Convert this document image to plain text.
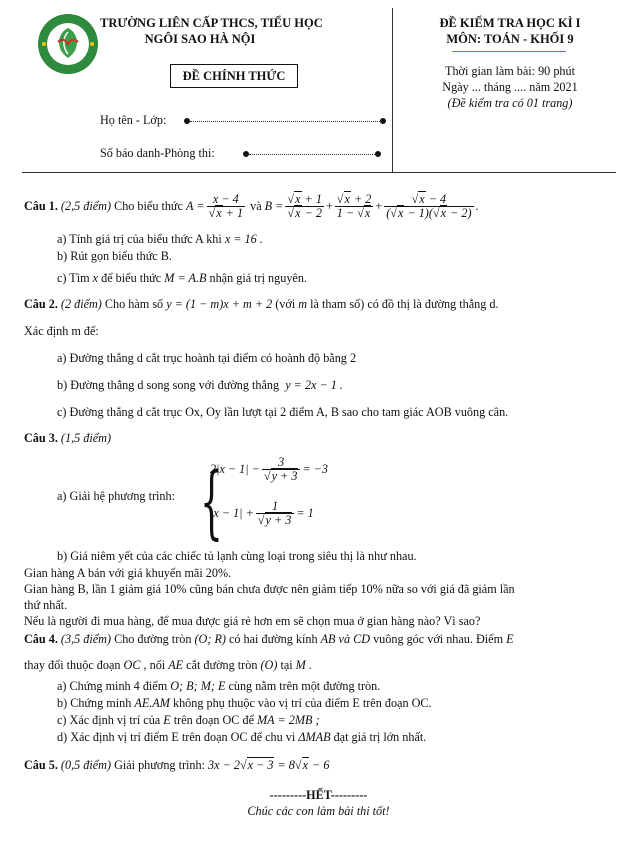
TRƯỜNG LIÊN CẤP THCS, TIỂU HỌC
NGÔI SAO HÀ NỘI
ĐỀ CHÍNH THỨC
ĐỀ KIỂM TRA HỌC KÌ I
MÔN: TOÁN - KHỐI 9
Thời gian làm bài: 90 phút
Ngày ... tháng .... năm 2021
(Đề kiểm tra có 01 trang)
Họ tên - Lớp:
Số báo danh-Phòng thi:
Câu 1.
(2,5 điểm)
Cho biểu thức
$A = \frac{x - 4}{√x + 1}$
và
$B = \frac{√x + 1}{√x - 2} + \frac{√x + 2}{1 - √x} + \frac{√x - 4}{(√x - 1)(√x - 2)}$ .
a) Tính giá trị của biểu thức A khi x = 16 .
b) Rút gọn biểu thức B.
c) Tìm x để biểu thức M = A.B nhận giá trị nguyên.
Câu 2. (2 điểm) Cho hàm số y = (1 − m)x + m + 2 (với m là tham số) có đồ thị là đường thẳng d.
Xác định m để:
a) Đường thẳng d cắt trục hoành tại điểm có hoành độ bằng 2
b) Đường thẳng d song song với đường thẳng y = 2x − 1 .
c) Đường thẳng d cắt trục Ox, Oy lần lượt tại 2 điểm A, B sao cho tam giác AOB vuông cân.
Câu 3. (1,5 điểm)
a) Giải hệ phương trình: {
$2|x - 1| - \frac{3}{√y + 3} = -3$
$|x - 1| + \frac{1}{√y + 3} = 1$
b) Giá niêm yết của các chiếc tủ lạnh cùng loại trong siêu thị là như nhau.
Gian hàng A bán với giá khuyến mãi 20%.
Gian hàng B, lần 1 giảm giá 10% cũng bán chưa được nên giảm tiếp 10% nữa so với giá đã giảm lần
thứ nhất.
Nếu là người đi mua hàng, để mua được giá rẻ hơn em sẽ chọn mua ở gian hàng nào? Vì sao?
Câu 4. (3,5 điểm) Cho đường tròn (O; R) có hai đường kính AB và CD vuông góc với nhau. Điểm E
thay đổi thuộc đoạn OC , nối AE cắt đường tròn (O) tại M .
a) Chứng minh 4 điểm O; B; M; E cùng nằm trên một đường tròn.
b) Chứng minh AE.AM không phụ thuộc vào vị trí của điểm E trên đoạn OC.
c) Xác định vị trí của E trên đoạn OC để MA = 2MB ;
d) Xác định vị trí điểm E trên đoạn OC để chu vi ΔMAB đạt giá trị lớn nhất.
Câu 5. (0,5 điểm) Giải phương trình: 3x − 2√x − 3 = 8√x − 6
---------HẾT---------
Chúc các con làm bài thi tốt!
